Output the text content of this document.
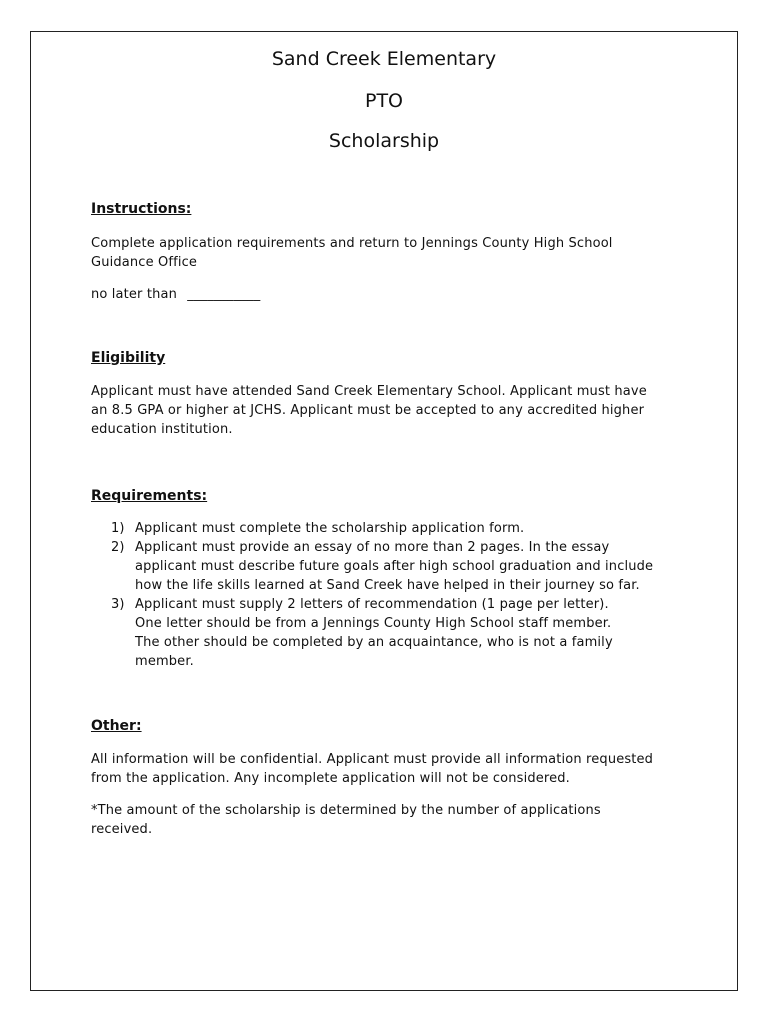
Sand Creek Elementary
PTO
Scholarship
Instructions:
Complete application requirements and return to Jennings County High School
Guidance Office
no later than ___________
Eligibility
Applicant must have attended Sand Creek Elementary School. Applicant must have
an 8.5 GPA or higher at JCHS. Applicant must be accepted to any accredited higher
education institution.
Requirements:
1) Applicant must complete the scholarship application form.
2) Applicant must provide an essay of no more than 2 pages. In the essay
applicant must describe future goals after high school graduation and include
how the life skills learned at Sand Creek have helped in their journey so far.
3) Applicant must supply 2 letters of recommendation (1 page per letter).
One letter should be from a Jennings County High School staff member.
The other should be completed by an acquaintance, who is not a family
member.
Other:
All information will be confidential. Applicant must provide all information requested
from the application. Any incomplete application will not be considered.
*The amount of the scholarship is determined by the number of applications
received.
